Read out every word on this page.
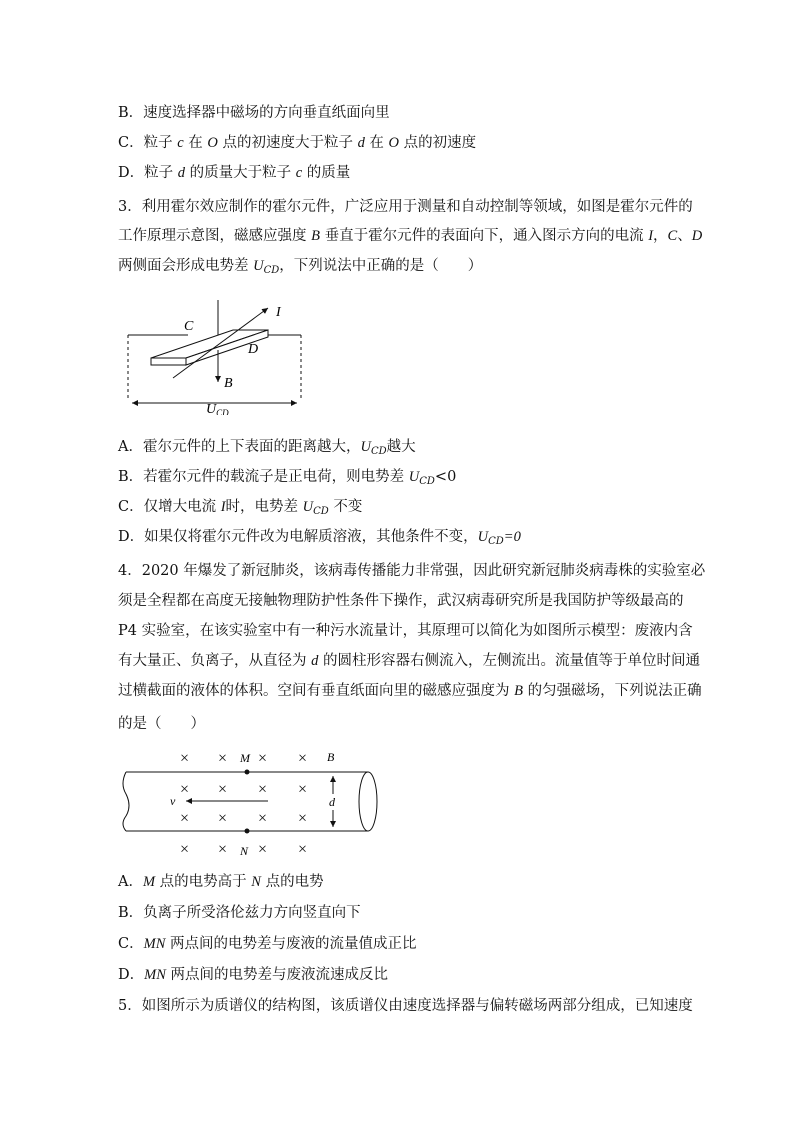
B．速度选择器中磁场的方向垂直纸面向里
C．粒子 c 在 O 点的初速度大于粒子 d 在 O 点的初速度
D．粒子 d 的质量大于粒子 c 的质量
3．利用霍尔效应制作的霍尔元件，广泛应用于测量和自动控制等领域，如图是霍尔元件的
工作原理示意图，磁感应强度 B 垂直于霍尔元件的表面向下，通入图示方向的电流 I，C、D
两侧面会形成电势差 $U_{CD}$，下列说法中正确的是（　　）
C
D
I
B
$U_{CD}$
A．霍尔元件的上下表面的距离越大，$U_{CD}$越大
B．若霍尔元件的载流子是正电荷，则电势差 $U_{CD}<0$
C．仅增大电流 I时，电势差 $U_{CD}$ 不变
D．如果仅将霍尔元件改为电解质溶液，其他条件不变，$U_{CD}=0$
4．2020 年爆发了新冠肺炎，该病毒传播能力非常强，因此研究新冠肺炎病毒株的实验室必
须是全程都在高度无接触物理防护性条件下操作，武汉病毒研究所是我国防护等级最高的
P4 实验室，在该实验室中有一种污水流量计，其原理可以简化为如图所示模型：废液内含
有大量正、负离子，从直径为 d 的圆柱形容器右侧流入，左侧流出。流量值等于单位时间通
过横截面的液体的体积。空间有垂直纸面向里的磁感应强度为 B 的匀强磁场，下列说法正确
的是（　　）
× × × ×
× × × ×
× × × ×
× × × ×
M
N
B
v	d
A．M 点的电势高于 N 点的电势
B．负离子所受洛伦兹力方向竖直向下
C．MN 两点间的电势差与废液的流量值成正比
D．MN 两点间的电势差与废液流速成反比
5．如图所示为质谱仪的结构图，该质谱仪由速度选择器与偏转磁场两部分组成，已知速度
